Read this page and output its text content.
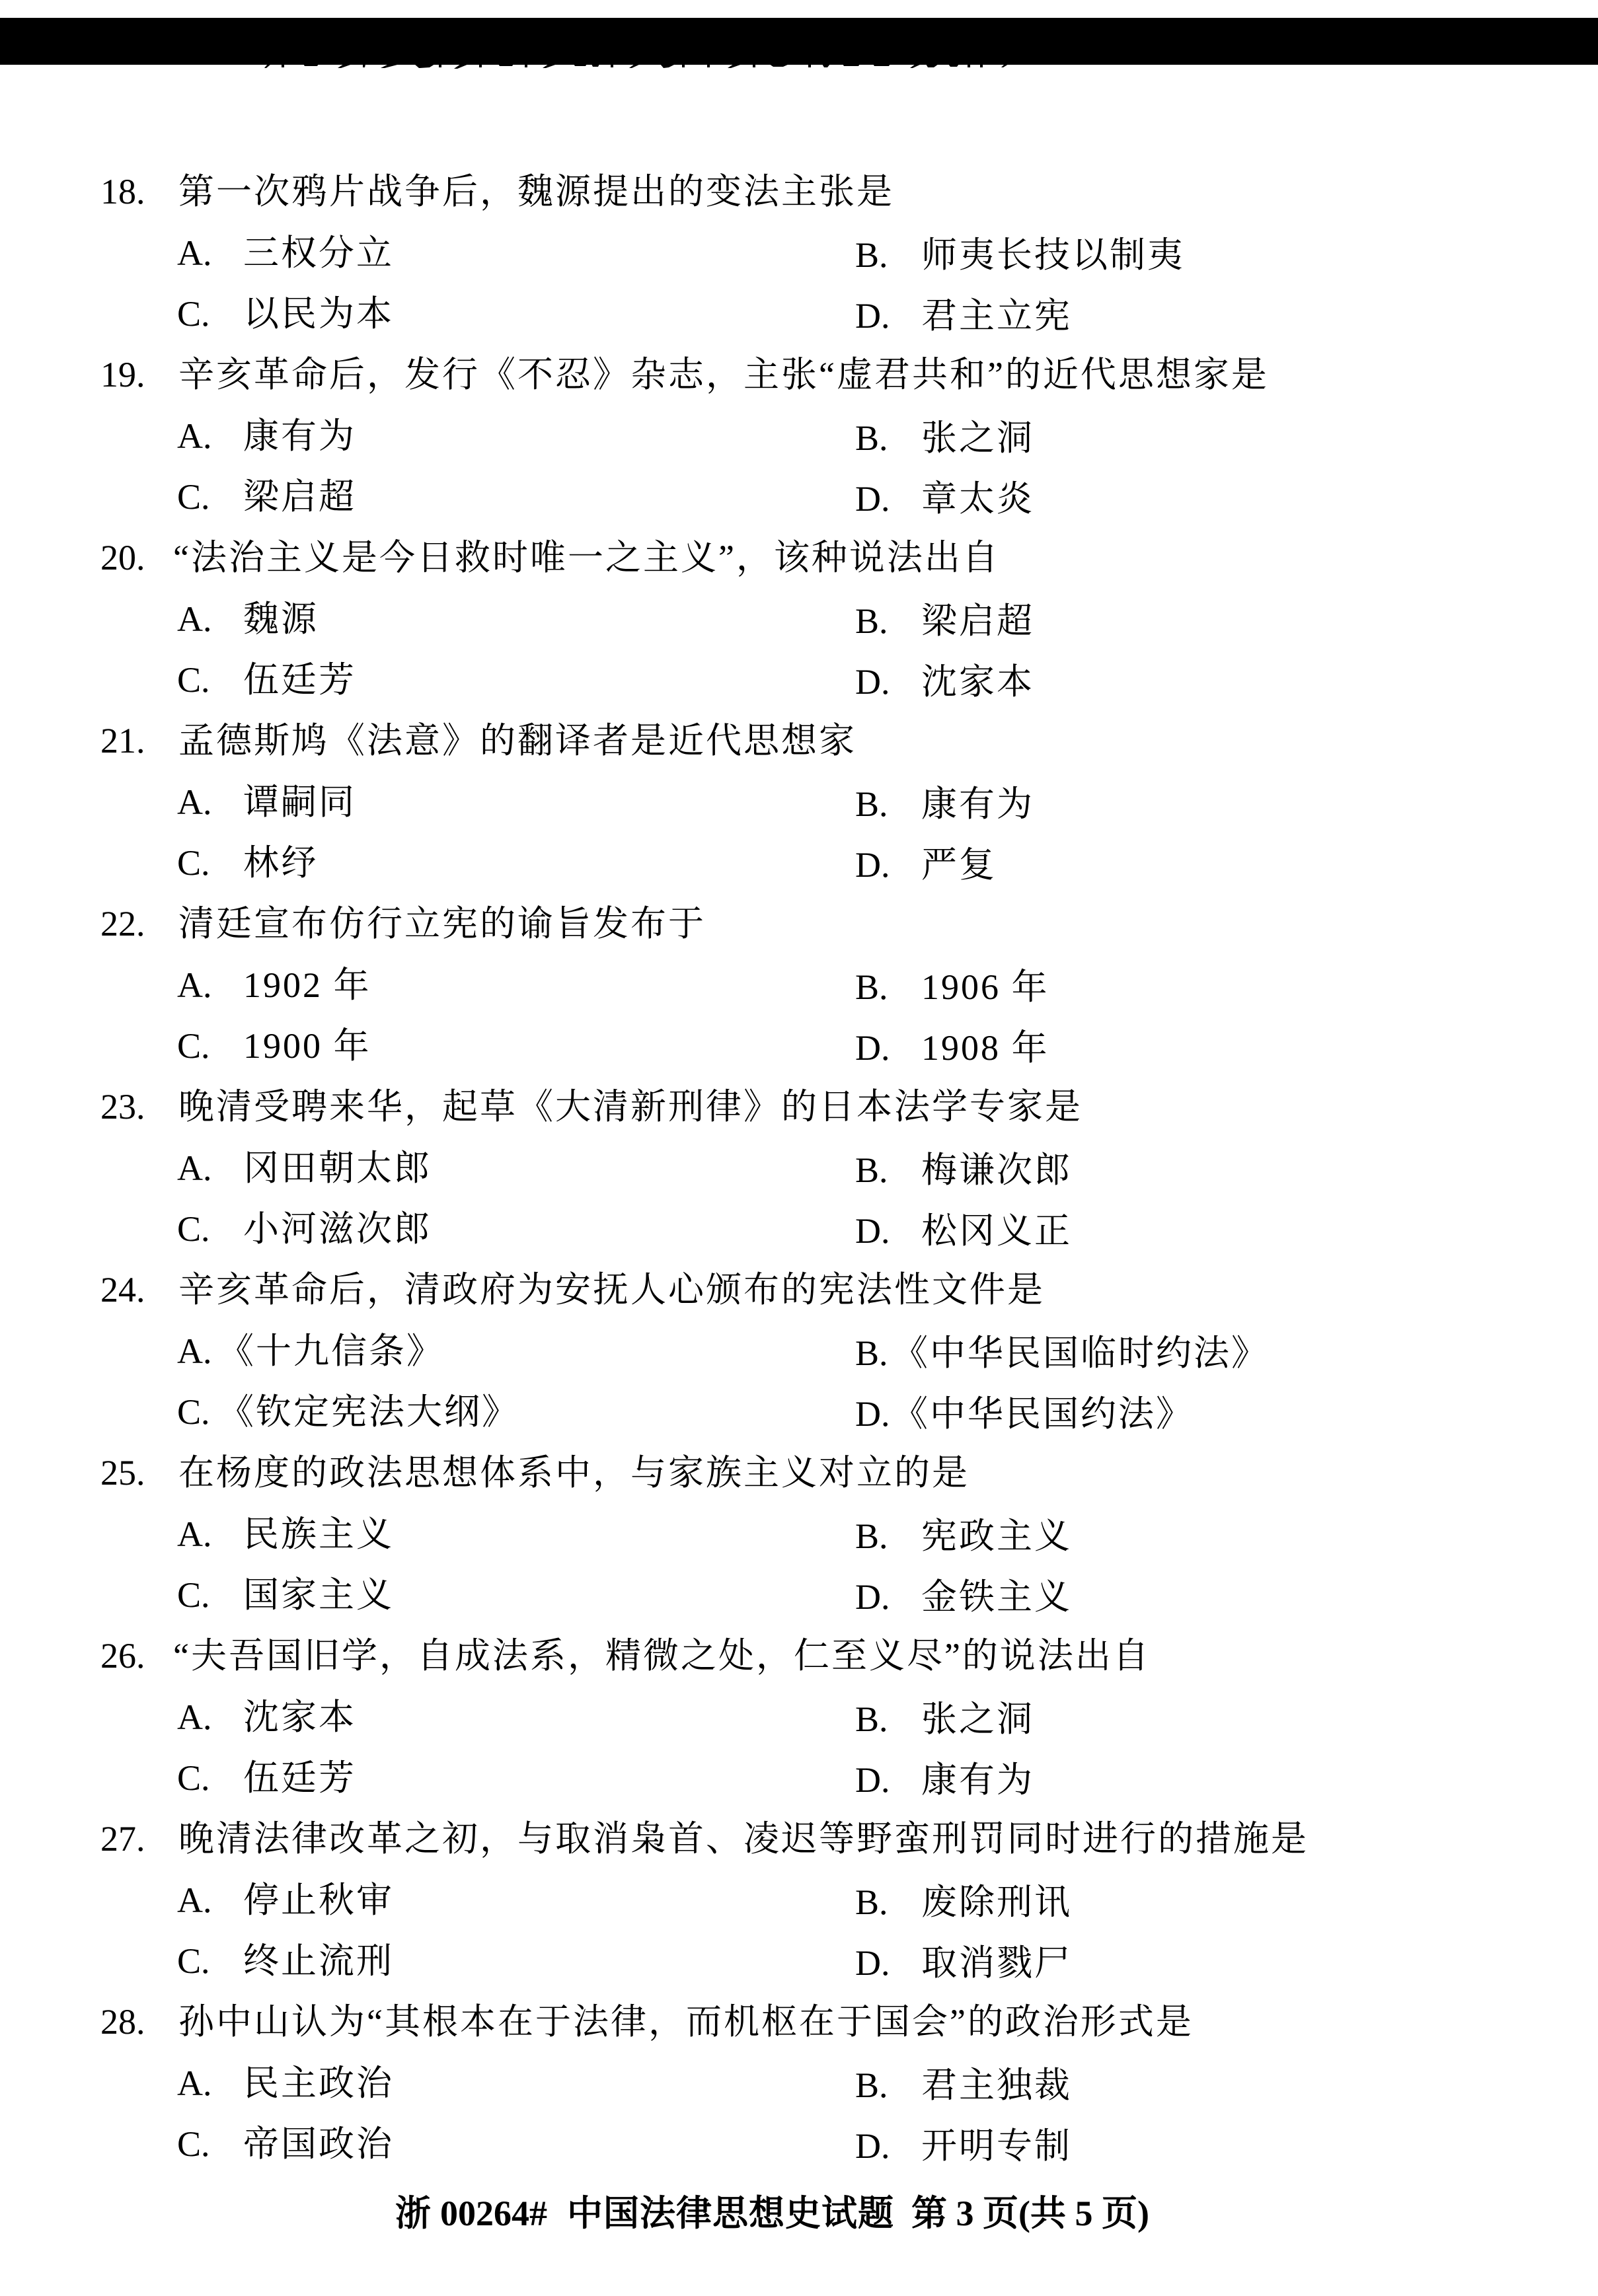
18. 第一次鸦片战争后，魏源提出的变法主张是
A. 三权分立	B. 师夷长技以制夷
C. 以民为本	D. 君主立宪
19. 辛亥革命后，发行《不忍》杂志，主张“虚君共和”的近代思想家是
A. 康有为	B. 张之洞
C. 梁启超	D. 章太炎
20. “法治主义是今日救时唯一之主义”，该种说法出自
A. 魏源	B. 梁启超
C. 伍廷芳	D. 沈家本
21. 孟德斯鸠《法意》的翻译者是近代思想家
A. 谭嗣同	B. 康有为
C. 林纾	D. 严复
22. 清廷宣布仿行立宪的谕旨发布于
A. 1902 年	B. 1906 年
C. 1900 年	D. 1908 年
23. 晚清受聘来华，起草《大清新刑律》的日本法学专家是
A. 冈田朝太郎	B. 梅谦次郎
C. 小河滋次郎	D. 松冈义正
24. 辛亥革命后，清政府为安抚人心颁布的宪法性文件是
A. 《十九信条》	B. 《中华民国临时约法》
C. 《钦定宪法大纲》	D.《中华民国约法》
25. 在杨度的政法思想体系中，与家族主义对立的是
A. 民族主义	B. 宪政主义
C. 国家主义	D. 金铁主义
26. “夫吾国旧学，自成法系，精微之处，仁至义尽”的说法出自
A. 沈家本	B. 张之洞
C. 伍廷芳	D. 康有为
27. 晚清法律改革之初，与取消枭首、凌迟等野蛮刑罚同时进行的措施是
A. 停止秋审	B. 废除刑讯
C. 终止流刑	D. 取消戮尸
28. 孙中山认为“其根本在于法律，而机枢在于国会”的政治形式是
A. 民主政治	B. 君主独裁
C. 帝国政治	D. 开明专制
浙 00264# 中国法律思想史试题 第 3 页(共 5 页)
